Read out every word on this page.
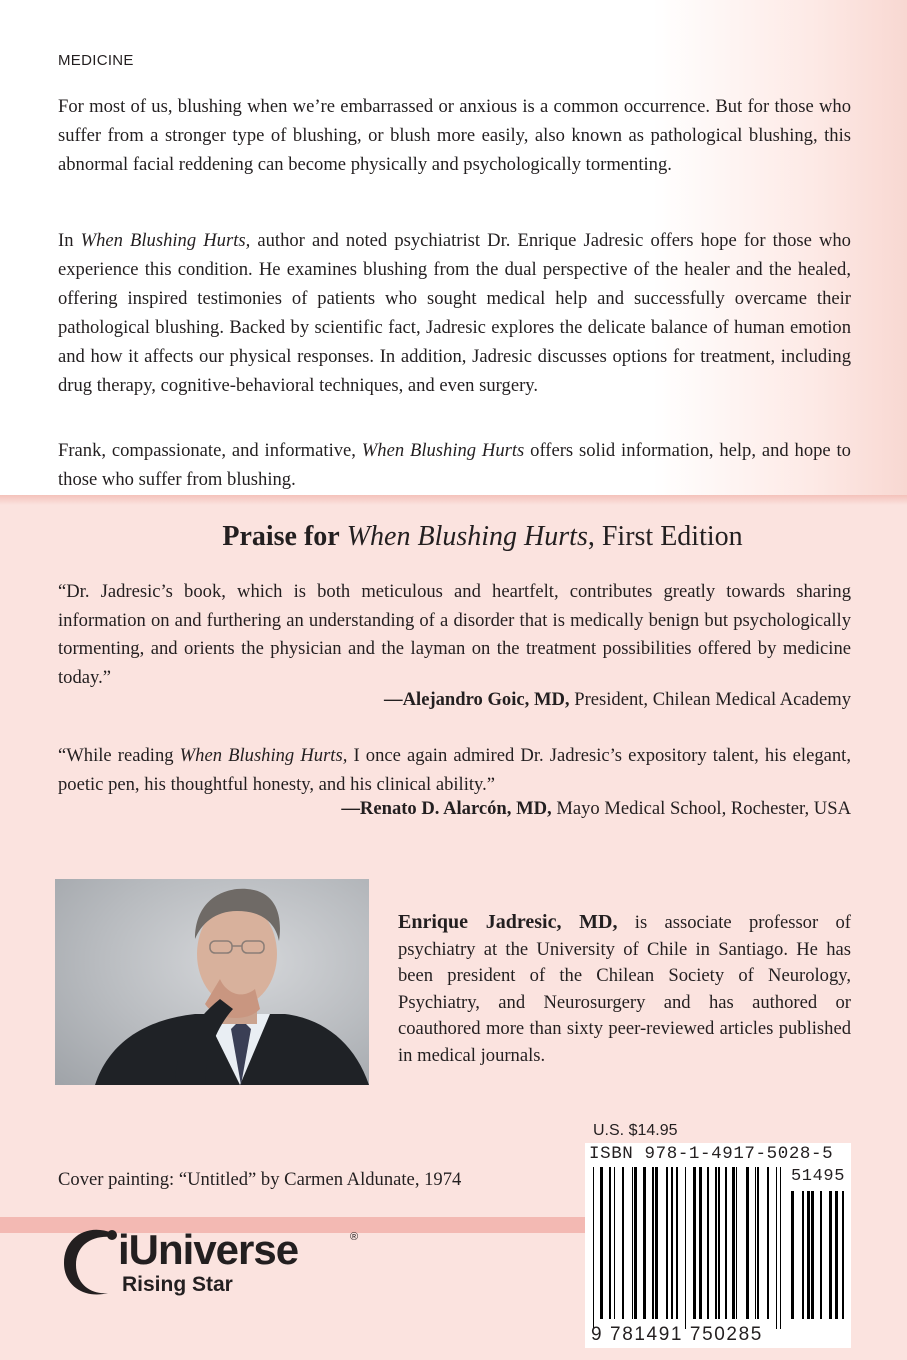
MEDICINE

For most of us, blushing when we’re embarrassed or anxious is a common occurrence. But for those who suffer from a stronger type of blushing, or blush more easily, also known as pathological blushing, this abnormal facial reddening can become physically and psychologically tormenting.

In When Blushing Hurts, author and noted psychiatrist Dr. Enrique Jadresic offers hope for those who experience this condition. He examines blushing from the dual perspective of the healer and the healed, offering inspired testimonies of patients who sought medical help and successfully overcame their pathological blushing. Backed by scientific fact, Jadresic explores the delicate balance of human emotion and how it affects our physical responses. In addition, Jadresic discusses options for treatment, including drug therapy, cognitive-behavioral techniques, and even surgery.

Frank, compassionate, and informative, When Blushing Hurts offers solid information, help, and hope to those who suffer from blushing.

Praise for When Blushing Hurts, First Edition

“Dr. Jadresic’s book, which is both meticulous and heartfelt, contributes greatly towards sharing information on and furthering an understanding of a disorder that is medically benign but psychologically tormenting, and orients the physician and the layman on the treatment possibilities offered by medicine today.”

—Alejandro Goic, MD, President, Chilean Medical Academy

“While reading When Blushing Hurts, I once again admired Dr. Jadresic’s expository talent, his elegant, poetic pen, his thoughtful honesty, and his clinical ability.”

—Renato D. Alarcón, MD, Mayo Medical School, Rochester, USA

Enrique Jadresic, MD, is associate professor of psychiatry at the University of Chile in Santiago. He has been president of the Chilean Society of Neurology, Psychiatry, and Neurosurgery and has authored or coauthored more than sixty peer-reviewed articles published in medical journals.

U.S. $14.95
ISBN 978-1-4917-5028-5
51495
9 781491 750285
Cover painting: “Untitled” by Carmen Aldunate, 1974
iUniverse	®
Rising Star
